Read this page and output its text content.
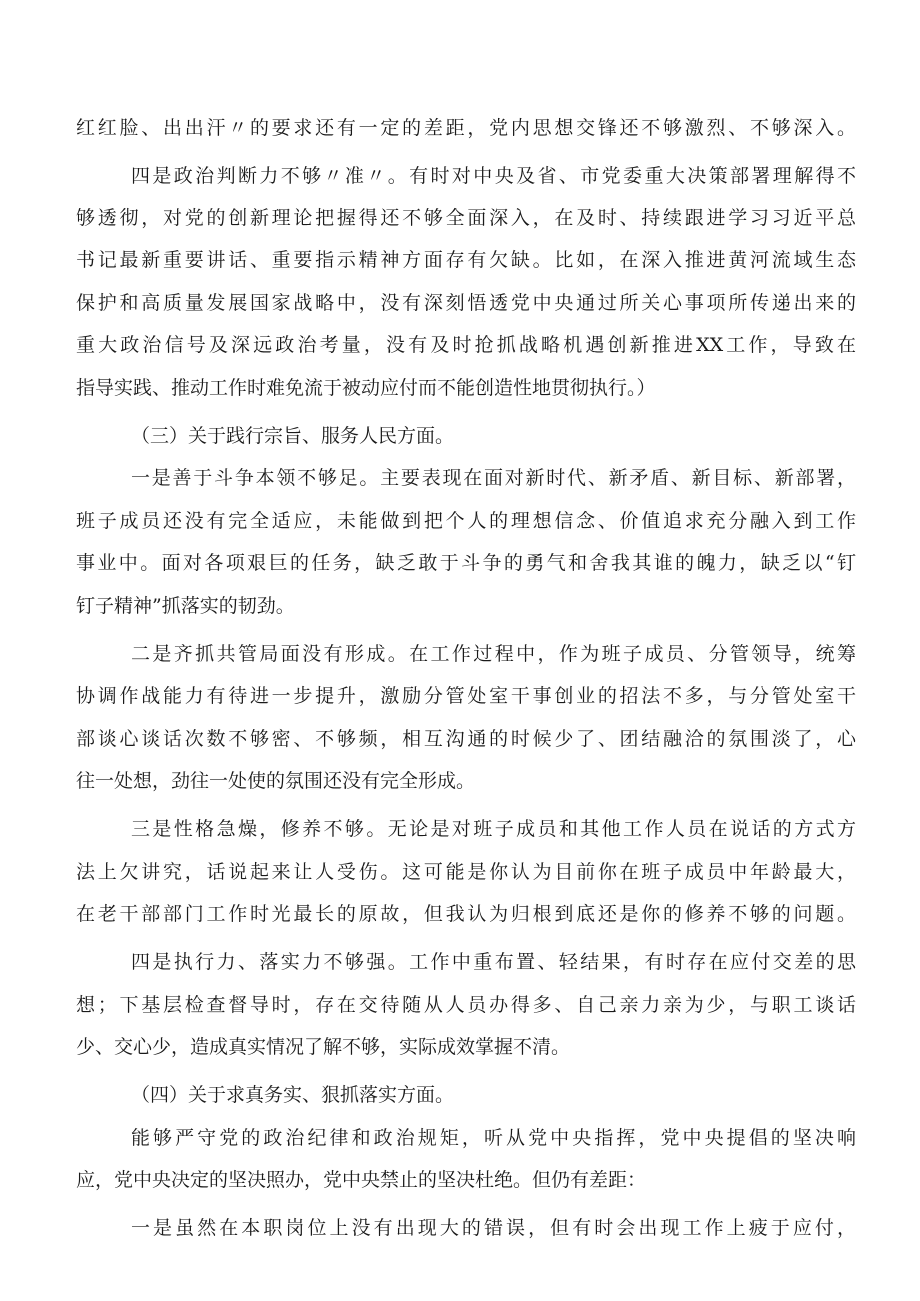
红红脸、出出汗〃的要求还有一定的差距，党内思想交锋还不够激烈、不够深入。
四是政治判断力不够〃准〃。有时对中央及省、市党委重大决策部署理解得不
够透彻，对党的创新理论把握得还不够全面深入，在及时、持续跟进学习习近平总
书记最新重要讲话、重要指示精神方面存有欠缺。比如，在深入推进黄河流域生态
保护和高质量发展国家战略中，没有深刻悟透党中央通过所关心事项所传递出来的
重大政治信号及深远政治考量，没有及时抢抓战略机遇创新推进XX工作，导致在
指导实践、推动工作时难免流于被动应付而不能创造性地贯彻执行。）
（三）关于践行宗旨、服务人民方面。
一是善于斗争本领不够足。主要表现在面对新时代、新矛盾、新目标、新部署，
班子成员还没有完全适应，未能做到把个人的理想信念、价值追求充分融入到工作
事业中。面对各项艰巨的任务，缺乏敢于斗争的勇气和舍我其谁的魄力，缺乏以“钉
钉子精神”抓落实的韧劲。
二是齐抓共管局面没有形成。在工作过程中，作为班子成员、分管领导，统筹
协调作战能力有待进一步提升，激励分管处室干事创业的招法不多，与分管处室干
部谈心谈话次数不够密、不够频，相互沟通的时候少了、团结融洽的氛围淡了，心
往一处想，劲往一处使的氛围还没有完全形成。
三是性格急燥，修养不够。无论是对班子成员和其他工作人员在说话的方式方
法上欠讲究，话说起来让人受伤。这可能是你认为目前你在班子成员中年龄最大，
在老干部部门工作时光最长的原故，但我认为归根到底还是你的修养不够的问题。
四是执行力、落实力不够强。工作中重布置、轻结果，有时存在应付交差的思
想；下基层检查督导时，存在交待随从人员办得多、自己亲力亲为少，与职工谈话
少、交心少，造成真实情况了解不够，实际成效掌握不清。
（四）关于求真务实、狠抓落实方面。
能够严守党的政治纪律和政治规矩，听从党中央指挥，党中央提倡的坚决响
应，党中央决定的坚决照办，党中央禁止的坚决杜绝。但仍有差距：
一是虽然在本职岗位上没有出现大的错误，但有时会出现工作上疲于应付，
